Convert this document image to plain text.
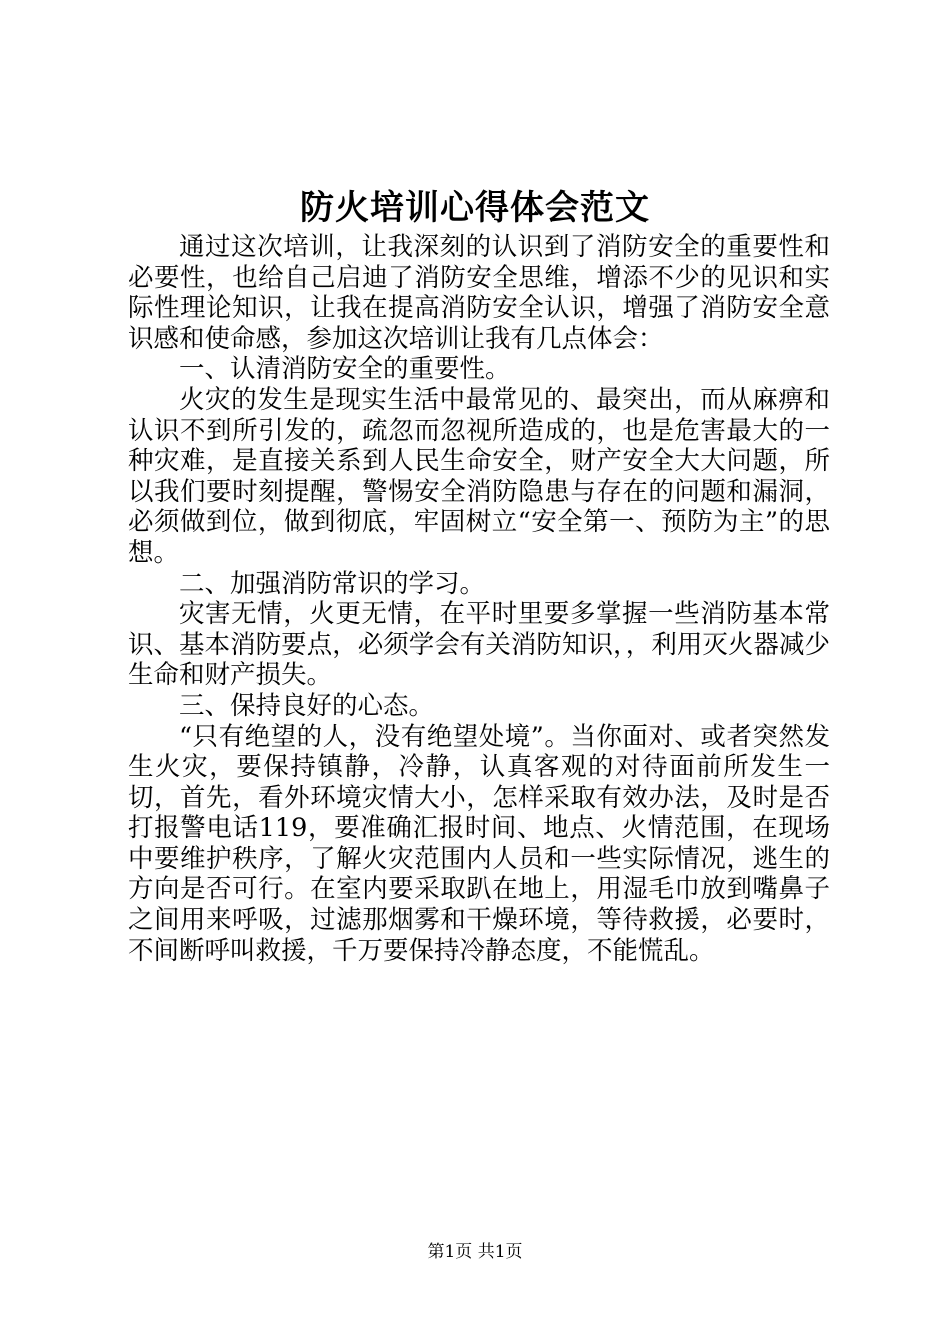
防火培训心得体会范文

通过这次培训，让我深刻的认识到了消防安全的重要性和必要性，也给自己启迪了消防安全思维，增添不少的见识和实际性理论知识，让我在提高消防安全认识，增强了消防安全意识感和使命感，参加这次培训让我有几点体会：

一、认清消防安全的重要性。

火灾的发生是现实生活中最常见的、最突出，而从麻痹和认识不到所引发的，疏忽而忽视所造成的，也是危害最大的一种灾难，是直接关系到人民生命安全，财产安全大大问题，所以我们要时刻提醒，警惕安全消防隐患与存在的问题和漏洞，必须做到位，做到彻底，牢固树立“安全第一、预防为主”的思想。

二、加强消防常识的学习。

灾害无情，火更无情，在平时里要多掌握一些消防基本常识、基本消防要点，必须学会有关消防知识，，利用灭火器减少生命和财产损失。

三、保持良好的心态。

“只有绝望的人，没有绝望处境”。当你面对、或者突然发生火灾，要保持镇静，冷静，认真客观的对待面前所发生一切，首先，看外环境灾情大小，怎样采取有效办法，及时是否打报警电话119，要准确汇报时间、地点、火情范围，在现场中要维护秩序，了解火灾范围内人员和一些实际情况，逃生的方向是否可行。在室内要采取趴在地上，用湿毛巾放到嘴鼻子之间用来呼吸，过滤那烟雾和干燥环境，等待救援，必要时，不间断呼叫救援，千万要保持冷静态度，不能慌乱。

第1页 共1页
